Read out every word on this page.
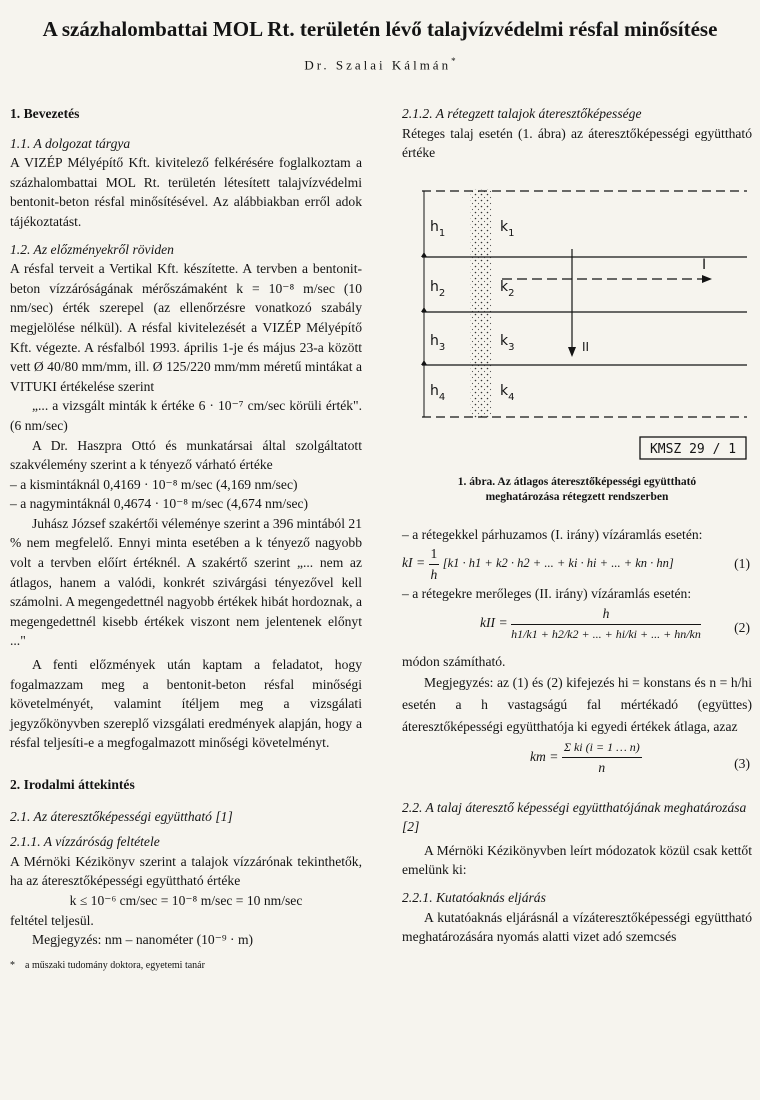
A százhalombattai MOL Rt. területén lévő talajvízvédelmi résfal minősítése
Dr. Szalai Kálmán*
1. Bevezetés
1.1. A dolgozat tárgya

A VIZÉP Mélyépítő Kft. kivitelező felkérésére foglalkoztam a százhalombattai MOL Rt. területén létesített talajvízvédelmi bentonit-beton résfal minősítésével. Az alábbiakban erről adok tájékoztatást.

1.2. Az előzményekről röviden

A résfal tervеit a Vertikal Kft. készítette. A tervben a bentonit-beton vízzáróságának mérőszámaként k = 10⁻⁸ m/sec (10 nm/sec) érték szerepel (az ellenőrzésre vonatkozó szabály megjelölése nélkül). A résfal kivitelezését a VIZÉP Mélyépítő Kft. végezte. A résfalból 1993. április 1-je és május 23-a között vett Ø 40/80 mm/mm, ill. Ø 125/220 mm/mm méretű mintákat a VITUKI értékelése szerint

„... a vizsgált minták k értéke 6 · 10⁻⁷ cm/sec körüli érték". (6 nm/sec)

A Dr. Haszpra Ottó és munkatársai által szolgáltatott szakvélemény szerint a k tényező várható értéke

– a kismintáknál 0,4169 · 10⁻⁸ m/sec (4,169 nm/sec)

– a nagymintáknál 0,4674 · 10⁻⁸ m/sec (4,674 nm/sec)

Juhász József szakértői véleménye szerint a 396 mintából 21 % nem megfelelő. Ennyi minta esetében a k tényező nagyobb volt a tervben előírt értéknél. A szakértő szerint „... nem az átlagos, hanem a valódi, konkrét szivárgási tényezővel kell számolni. A megengedettnél nagyobb értékek hibát hordoznak, a megengedettnél kisebb értékek viszont nem jelentenek előnyt ..."

A fenti előzmények után kaptam a feladatot, hogy fogalmazzam meg a bentonit-beton résfal minőségi követelményét, valamint ítéljem meg a vizsgálati jegyzőkönyvben szereplő vizsgálati eredmények alapján, hogy a résfal teljesíti-e a megfogalmazott minőségi követelményt.

2. Irodalmi áttekintés
2.1. Az áteresztőképességi együttható [1]
2.1.1. A vízzáróság feltétele

A Mérnöki Kézikönyv szerint a talajok vízzárónak tekinthetők, ha az áteresztőképességi együttható értéke

k ≤ 10⁻⁶ cm/sec = 10⁻⁸ m/sec = 10 nm/sec

feltétel teljesül.

Megjegyzés: nm – nanométer (10⁻⁹ · m)

* a műszaki tudomány doktora, egyetemi tanár
2.1.2. A rétegzett talajok áteresztőképessége

Réteges talaj esetén (1. ábra) az áteresztőképességi együttható értéke

$h_1$
$h_2$
$h_3$
$h_4$
$k_1$
$k_2$
$k_3$
$k_4$
I
II
KMSZ 29 / 1
1. ábra. Az átlagos áteresztőképességi együttható
meghatározása rétegzett rendszerben

– a rétegekkel párhuzamos (I. irány) vízáramlás esetén:

kI = $\frac{1}{h} [k1 \cdot h1 + k2 \cdot h2$ + ... + ki · hi + ... + kn · hn]	(1)

– a rétegekre merőleges (II. irány) vízáramlás esetén:

kII = $\frac{h}{h1/k1 + h2/k2 + ... + hi/ki + ... + hn/kn} (2)$

módon számítható.

Megjegyzés: az (1) és (2) kifejezés hi = konstans és n = h/hi esetén a h vastagságú fal mértékadó (együttes) áteresztőképességi együtthatója ki egyedi értékek átlaga, azaz

km = $\frac{\text{Σ ki (i = 1 … n)}}{n}$	(3)
2.2. A talaj áteresztő képességi együtthatójának meghatározása [2]

A Mérnöki Kézikönyvben leírt módozatok közül csak kettőt emelünk ki:

2.2.1. Kutatóaknás eljárás

A kutatóaknás eljárásnál a vízáteresztőképességi együttható meghatározására nyomás alatti vizet adó szemcsés
